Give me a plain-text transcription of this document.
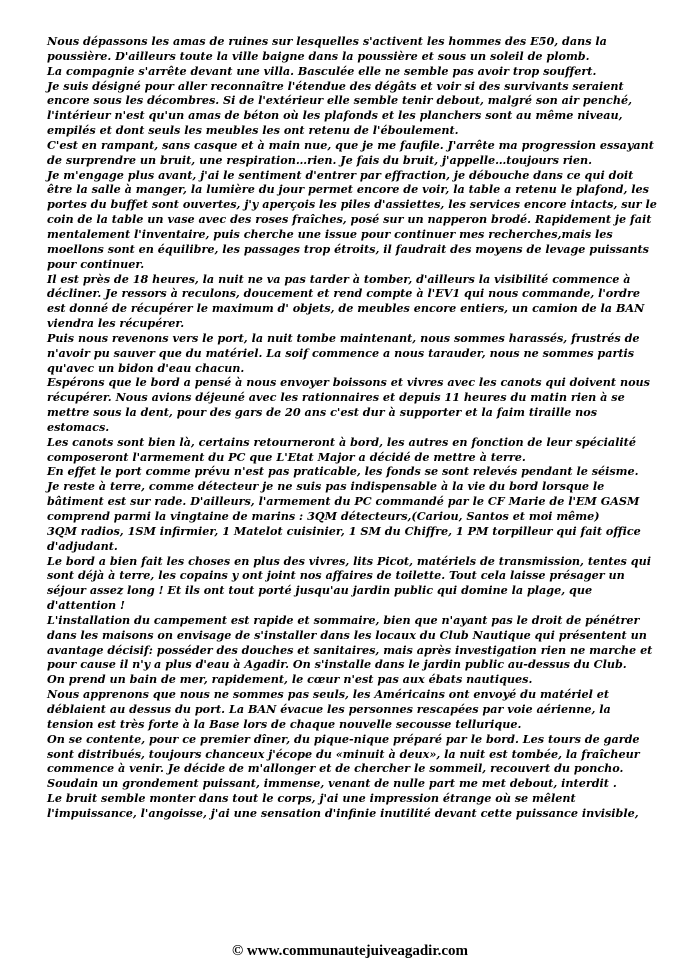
Nous dépassons les amas de ruines sur lesquelles s'activent les hommes des E50, dans la poussière. D'ailleurs toute la ville baigne dans la poussière et sous un soleil de plomb.

La compagnie s'arrête devant une villa. Basculée elle ne semble pas avoir trop souffert.

Je suis désigné pour aller reconnaître l'étendue des dégâts et voir si des survivants seraient encore sous les décombres. Si de l'extérieur elle semble tenir debout, malgré son air penché, l'intérieur n'est qu'un amas de béton où les plafonds et les planchers sont au même niveau, empilés et dont seuls les meubles les ont retenu de l'éboulement.

C'est en rampant, sans casque et à main nue, que je me faufile. J'arrête ma progression essayant de surprendre un bruit, une respiration…rien. Je fais du bruit, j'appelle…toujours rien.

Je m'engage plus avant, j'ai le sentiment d'entrer par effraction, je débouche dans ce qui doit être la salle à manger, la lumière du jour permet encore de voir, la table a retenu le plafond, les portes du buffet sont ouvertes, j'y aperçois les piles d'assiettes, les services encore intacts, sur le coin de la table un vase avec des roses fraîches, posé sur un napperon brodé. Rapidement je fait mentalement l'inventaire, puis cherche une issue pour continuer mes recherches,mais les moellons sont en équilibre, les passages trop étroits, il faudrait des moyens de levage puissants pour continuer.

Il est près de 18 heures, la nuit ne va pas tarder à tomber, d'ailleurs la visibilité commence à décliner. Je ressors à reculons, doucement et rend compte à l'EV1 qui nous commande, l'ordre est donné de récupérer le maximum d' objets, de meubles encore entiers, un camion de la BAN viendra les récupérer.

Puis nous revenons vers le port, la nuit tombe maintenant, nous sommes harassés, frustrés de n'avoir pu sauver que du matériel. La soif commence a nous tarauder, nous ne sommes partis qu'avec un bidon d'eau chacun.

Espérons que le bord a pensé à nous envoyer boissons et vivres avec les canots qui doivent nous récupérer. Nous avions déjeuné avec les rationnaires et depuis 11 heures du matin rien à se mettre sous la dent, pour des gars de 20 ans c'est dur à supporter et la faim tiraille nos estomacs.

Les canots sont bien là, certains retourneront à bord, les autres en fonction de leur spécialité composeront l'armement du PC que L'Etat Major a décidé de mettre à terre.

En effet le port comme prévu n'est pas praticable, les fonds se sont relevés pendant le séisme.

Je reste à terre, comme détecteur je ne suis pas indispensable à la vie du bord lorsque le bâtiment est sur rade. D'ailleurs, l'armement du PC commandé par le CF Marie de l'EM GASM comprend parmi la vingtaine de marins : 3QM détecteurs,(Cariou, Santos et moi même)

3QM radios, 1SM infirmier, 1 Matelot cuisinier, 1 SM du Chiffre, 1 PM torpilleur qui fait office d'adjudant.

Le bord a bien fait les choses en plus des vivres, lits Picot, matériels de transmission, tentes qui sont déjà à terre, les copains y ont joint nos affaires de toilette. Tout cela laisse présager un séjour assez long ! Et ils ont tout porté jusqu'au jardin public qui domine la plage, que d'attention !

L'installation du campement est rapide et sommaire, bien que n'ayant pas le droit de pénétrer dans les maisons on envisage de s'installer dans les locaux du Club Nautique qui présentent un avantage décisif: posséder des douches et sanitaires, mais après investigation rien ne marche et pour cause il n'y a plus d'eau à Agadir. On s'installe dans le jardin public au-dessus du Club.

On prend un bain de mer, rapidement, le cœur n'est pas aux ébats nautiques.

Nous apprenons que nous ne sommes pas seuls, les Américains ont envoyé du matériel et déblaient au dessus du port. La BAN évacue les personnes rescapées par voie aérienne, la tension est très forte à la Base lors de chaque nouvelle secousse tellurique.

On se contente, pour ce premier dîner, du pique-nique préparé par le bord. Les tours de garde sont distribués, toujours chanceux j'écope du «minuit à deux», la nuit est tombée, la fraîcheur commence à venir. Je décide de m'allonger et de chercher le sommeil, recouvert du poncho.

Soudain un grondement puissant, immense, venant de nulle part me met debout, interdit .

Le bruit semble monter dans tout le corps, j'ai une impression étrange où se mêlent l'impuissance, l'angoisse, j'ai une sensation d'infinie inutilité devant cette puissance invisible,

© www.communautejuiveagadir.com
